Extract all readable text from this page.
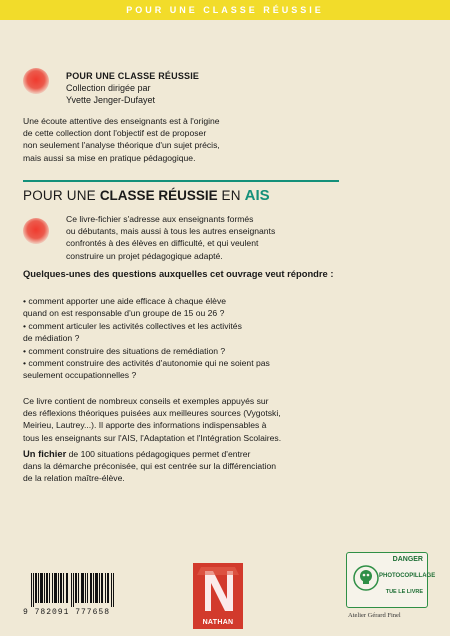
POUR UNE CLASSE RÉUSSIE
POUR UNE CLASSE RÉUSSIE
Collection dirigée par
Yvette Jenger-Dufayet
Une écoute attentive des enseignants est à l'origine
de cette collection dont l'objectif est de proposer
non seulement l'analyse théorique d'un sujet précis,
mais aussi sa mise en pratique pédagogique.
POUR UNE CLASSE RÉUSSIE EN AIS
Ce livre-fichier s'adresse aux enseignants formés
ou débutants, mais aussi à tous les autres enseignants
confrontés à des élèves en difficulté, et qui veulent
construire un projet pédagogique adapté.
Quelques-unes des questions auxquelles cet ouvrage veut répondre :
• comment apporter une aide efficace à chaque élève
quand on est responsable d'un groupe de 15 ou 26 ?
• comment articuler les activités collectives et les activités
de médiation ?
• comment construire des situations de remédiation ?
• comment construire des activités d'autonomie qui ne soient pas
seulement occupationnelles ?
Ce livre contient de nombreux conseils et exemples appuyés sur
des réflexions théoriques puisées aux meilleures sources (Vygotski,
Meirieu, Lautrey...). Il apporte des informations indispensables à
tous les enseignants sur l'AIS, l'Adaptation et l'Intégration Scolaires.
Un fichier de 100 situations pédagogiques permet d'entrer
dans la démarche préconisée, qui est centrée sur la différenciation
de la relation maître-élève.
9 782091 777658
NATHAN
DANGER
PHOTOCOPILLAGE
TUE LE LIVRE
Atelier Gérard Finel
